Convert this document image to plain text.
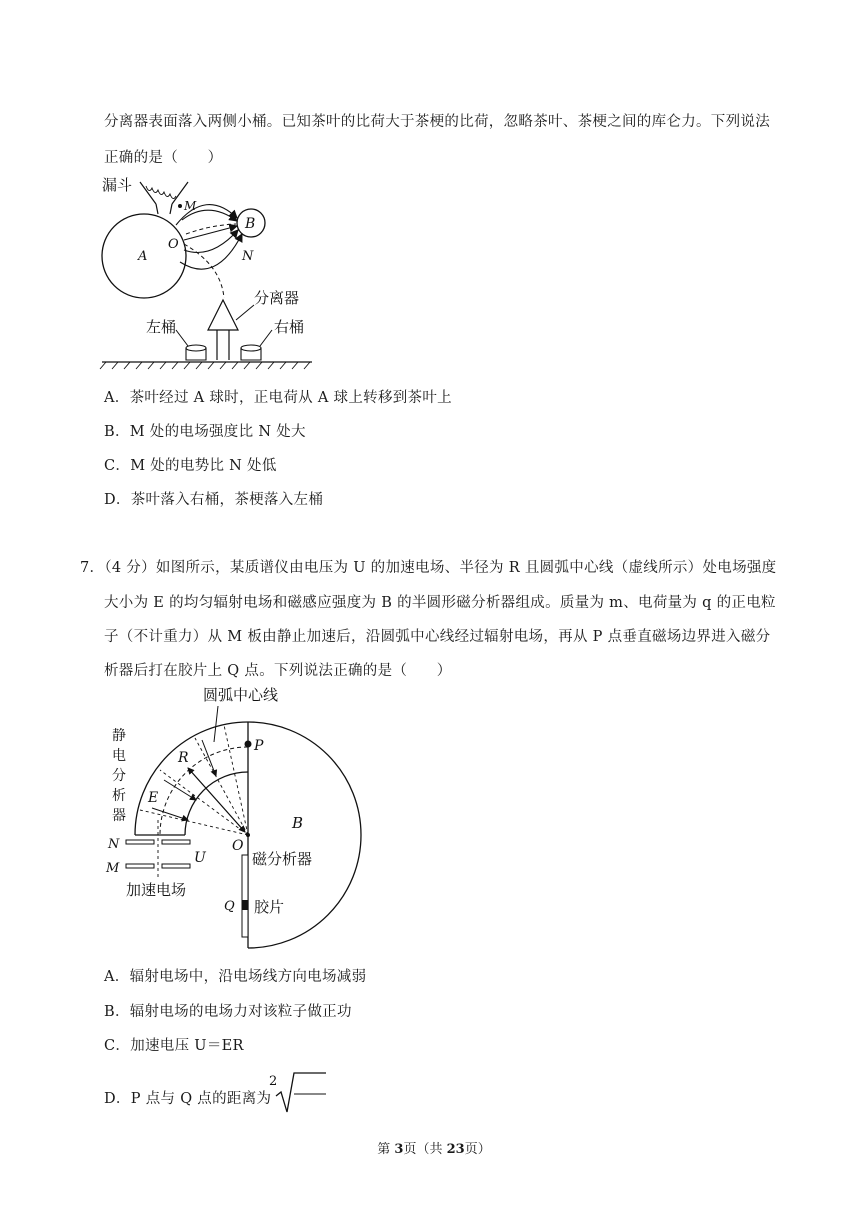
分离器表面落入两侧小桶。已知茶叶的比荷大于茶梗的比荷，忽略茶叶、茶梗之间的库仑力。下列说法
正确的是（　　）
漏斗
A
B
M
O
N
分离器
左桶	右桶
A．茶叶经过 A 球时，正电荷从 A 球上转移到茶叶上
B．M 处的电场强度比 N 处大
C．M 处的电势比 N 处低
D．茶叶落入右桶，茶梗落入左桶
7．（4 分）如图所示，某质谱仪由电压为 U 的加速电场、半径为 R 且圆弧中心线（虚线所示）处电场强度
大小为 E 的均匀辐射电场和磁感应强度为 B 的半圆形磁分析器组成。质量为 m、电荷量为 q 的正电粒
子（不计重力）从 M 板由静止加速后，沿圆弧中心线经过辐射电场，再从 P 点垂直磁场边界进入磁分
析器后打在胶片上 Q 点。下列说法正确的是（　　）
圆弧中心线
静
电
分
析
器
R
E
P
O
B
N
M
U
加速电场
Q
磁分析器
胶片
A．辐射电场中，沿电场线方向电场减弱
B．辐射电场的电场力对该粒子做正功
C．加速电压 U＝ER
D．P 点与 Q 点的距离为
2
第 3页（共 23页）
